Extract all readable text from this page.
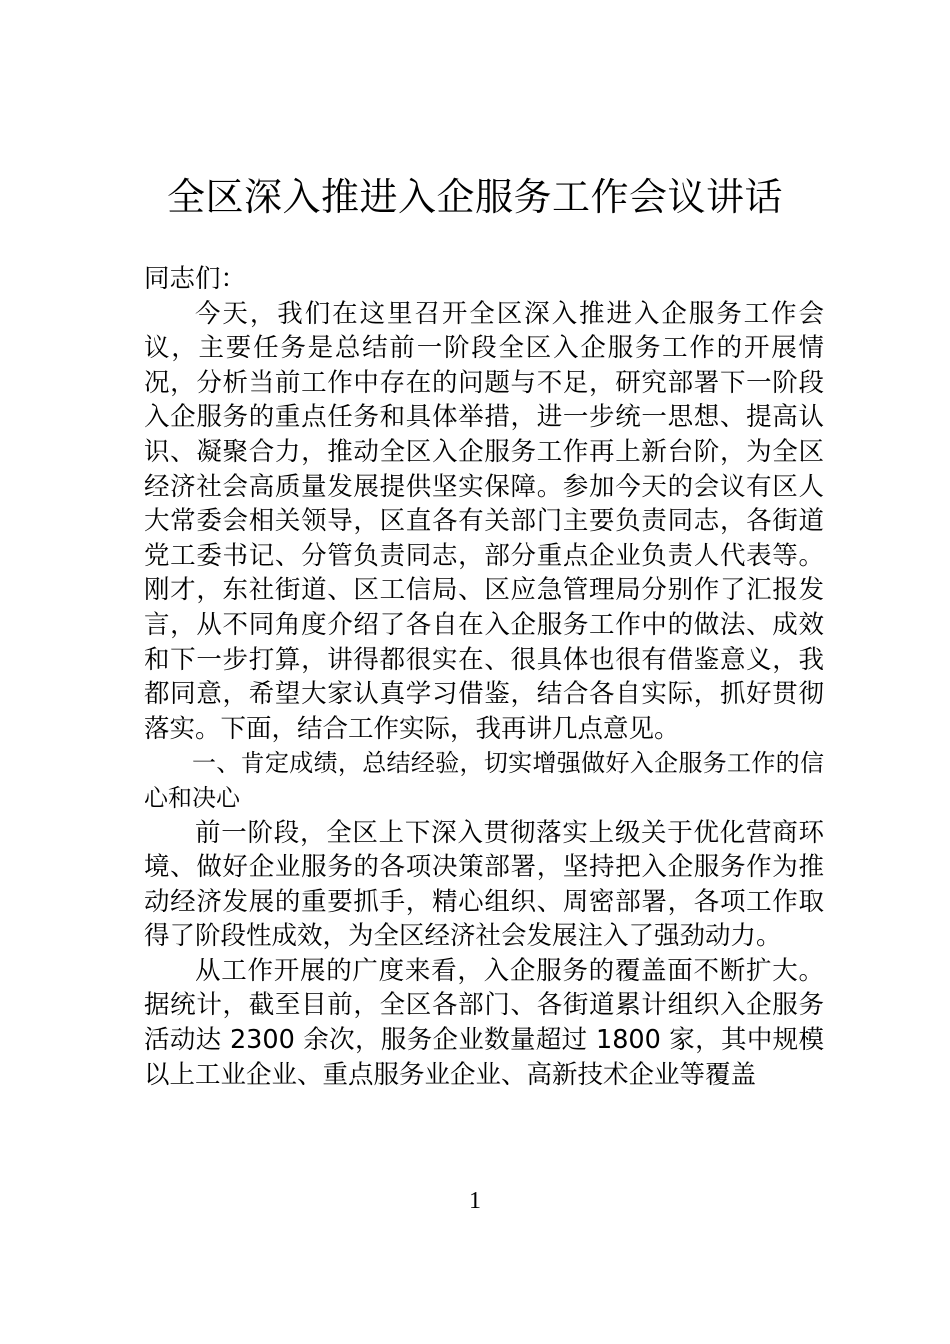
全区深入推进入企服务工作会议讲话

同志们：

今天，我们在这里召开全区深入推进入企服务工作会议，主要任务是总结前一阶段全区入企服务工作的开展情况，分析当前工作中存在的问题与不足，研究部署下一阶段入企服务的重点任务和具体举措，进一步统一思想、提高认识、凝聚合力，推动全区入企服务工作再上新台阶，为全区经济社会高质量发展提供坚实保障。参加今天的会议有区人大常委会相关领导，区直各有关部门主要负责同志，各街道党工委书记、分管负责同志，部分重点企业负责人代表等。刚才，东社街道、区工信局、区应急管理局分别作了汇报发言，从不同角度介绍了各自在入企服务工作中的做法、成效和下一步打算，讲得都很实在、很具体也很有借鉴意义，我都同意，希望大家认真学习借鉴，结合各自实际，抓好贯彻落实。下面，结合工作实际，我再讲几点意见。

一、肯定成绩，总结经验，切实增强做好入企服务工作的信心和决心

前一阶段，全区上下深入贯彻落实上级关于优化营商环境、做好企业服务的各项决策部署，坚持把入企服务作为推动经济发展的重要抓手，精心组织、周密部署，各项工作取得了阶段性成效，为全区经济社会发展注入了强劲动力。

从工作开展的广度来看，入企服务的覆盖面不断扩大。据统计，截至目前，全区各部门、各街道累计组织入企服务活动达 2300 余次，服务企业数量超过 1800 家，其中规模以上工业企业、重点服务业企业、高新技术企业等覆盖

1
